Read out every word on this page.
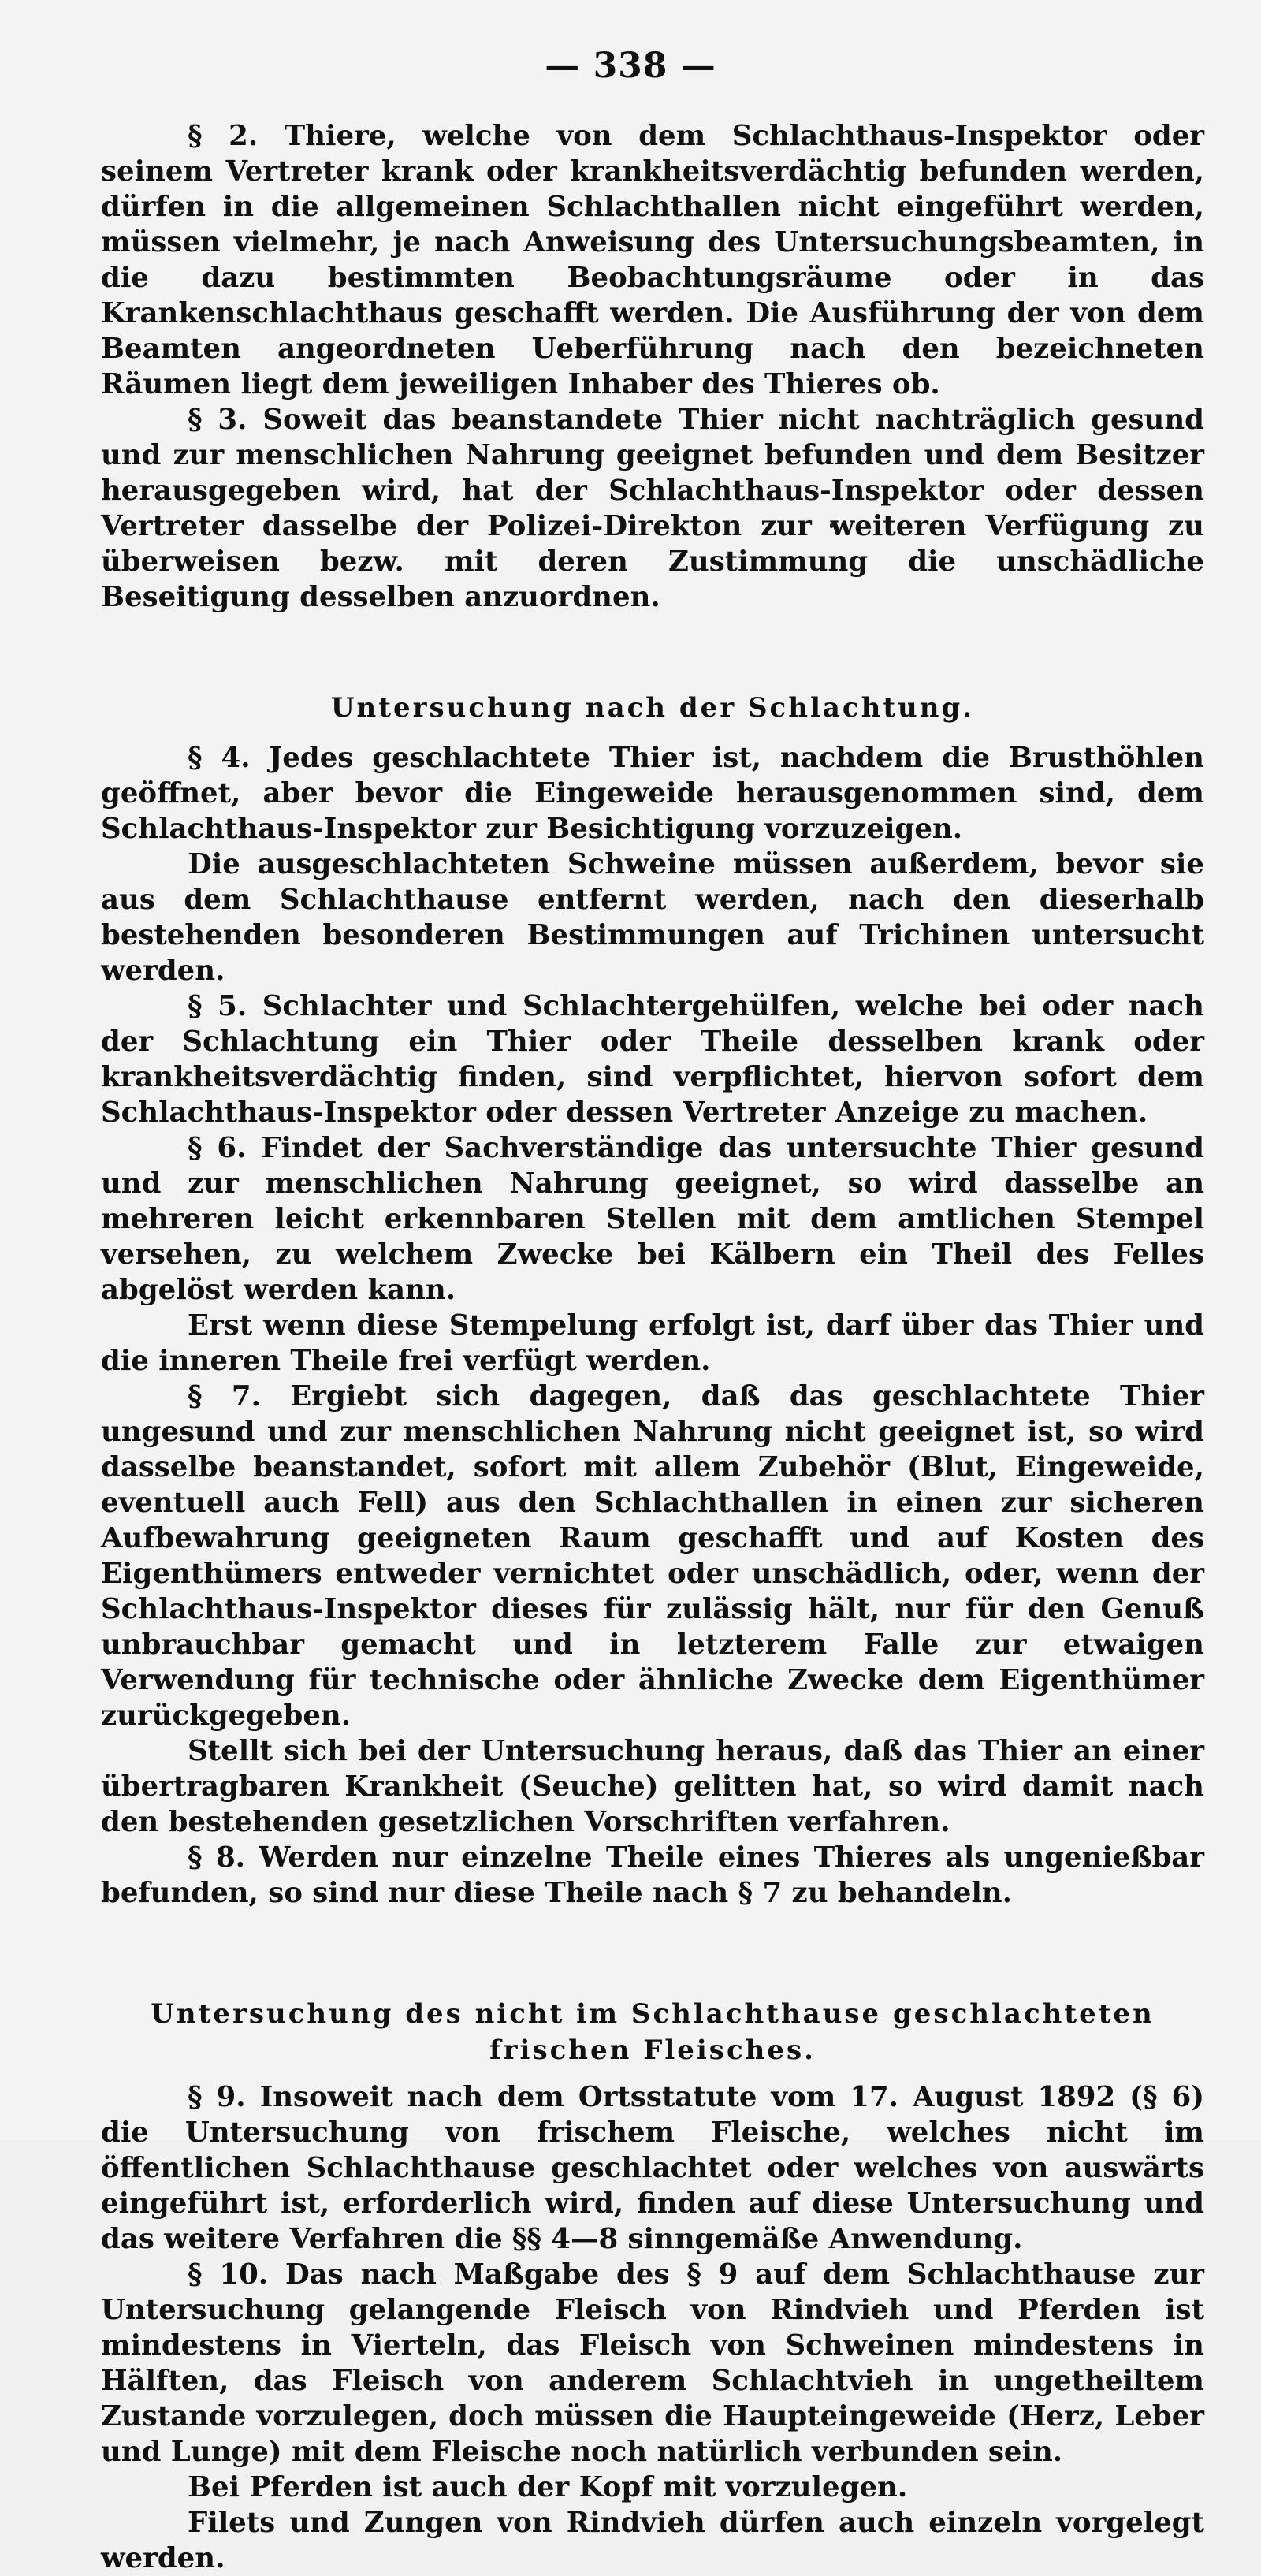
— 338 —

§ 2. Thiere, welche von dem Schlachthaus-Inspektor oder seinem Vertreter krank oder krankheitsverdächtig befunden werden, dürfen in die allgemeinen Schlachthallen nicht eingeführt werden, müssen vielmehr, je nach Anweisung des Untersuchungsbeamten, in die dazu bestimmten Beobachtungsräume oder in das Krankenschlachthaus geschafft werden. Die Ausführung der von dem Beamten angeordneten Ueberführung nach den bezeichneten Räumen liegt dem jeweiligen Inhaber des Thieres ob.

§ 3. Soweit das beanstandete Thier nicht nachträglich gesund und zur menschlichen Nahrung geeignet befunden und dem Besitzer herausgegeben wird, hat der Schlachthaus-Inspektor oder dessen Vertreter dasselbe der Polizei-Direkton zur weiteren Verfügung zu überweisen bezw. mit deren Zustimmung die unschädliche Beseitigung desselben anzuordnen.

Untersuchung nach der Schlachtung.

§ 4. Jedes geschlachtete Thier ist, nachdem die Brusthöhlen geöffnet, aber bevor die Eingeweide herausgenommen sind, dem Schlachthaus-Inspektor zur Besichtigung vorzuzeigen.

Die ausgeschlachteten Schweine müssen außerdem, bevor sie aus dem Schlachthause entfernt werden, nach den dieserhalb bestehenden besonderen Bestimmungen auf Trichinen untersucht werden.

§ 5. Schlachter und Schlachtergehülfen, welche bei oder nach der Schlachtung ein Thier oder Theile desselben krank oder krankheitsverdächtig finden, sind verpflichtet, hiervon sofort dem Schlachthaus-Inspektor oder dessen Vertreter Anzeige zu machen.

§ 6. Findet der Sachverständige das untersuchte Thier gesund und zur menschlichen Nahrung geeignet, so wird dasselbe an mehreren leicht erkennbaren Stellen mit dem amtlichen Stempel versehen, zu welchem Zwecke bei Kälbern ein Theil des Felles abgelöst werden kann.

Erst wenn diese Stempelung erfolgt ist, darf über das Thier und die inneren Theile frei verfügt werden.

§ 7. Ergiebt sich dagegen, daß das geschlachtete Thier ungesund und zur menschlichen Nahrung nicht geeignet ist, so wird dasselbe beanstandet, sofort mit allem Zubehör (Blut, Eingeweide, eventuell auch Fell) aus den Schlachthallen in einen zur sicheren Aufbewahrung geeigneten Raum geschafft und auf Kosten des Eigenthümers entweder vernichtet oder unschädlich, oder, wenn der Schlachthaus-Inspektor dieses für zulässig hält, nur für den Genuß unbrauchbar gemacht und in letzterem Falle zur etwaigen Verwendung für technische oder ähnliche Zwecke dem Eigenthümer zurückgegeben.

Stellt sich bei der Untersuchung heraus, daß das Thier an einer übertragbaren Krankheit (Seuche) gelitten hat, so wird damit nach den bestehenden gesetzlichen Vorschriften verfahren.

§ 8. Werden nur einzelne Theile eines Thieres als ungenießbar befunden, so sind nur diese Theile nach § 7 zu behandeln.

Untersuchung des nicht im Schlachthause geschlachteten
frischen Fleisches.

§ 9. Insoweit nach dem Ortsstatute vom 17. August 1892 (§ 6) die Untersuchung von frischem Fleische, welches nicht im öffentlichen Schlachthause geschlachtet oder welches von auswärts eingeführt ist, erforderlich wird, finden auf diese Untersuchung und das weitere Verfahren die §§ 4—8 sinngemäße Anwendung.

§ 10. Das nach Maßgabe des § 9 auf dem Schlachthause zur Untersuchung gelangende Fleisch von Rindvieh und Pferden ist mindestens in Vierteln, das Fleisch von Schweinen mindestens in Hälften, das Fleisch von anderem Schlachtvieh in ungetheiltem Zustande vorzulegen, doch müssen die Haupteingeweide (Herz, Leber und Lunge) mit dem Fleische noch natürlich verbunden sein.

Bei Pferden ist auch der Kopf mit vorzulegen.

Filets und Zungen von Rindvieh dürfen auch einzeln vorgelegt werden.
